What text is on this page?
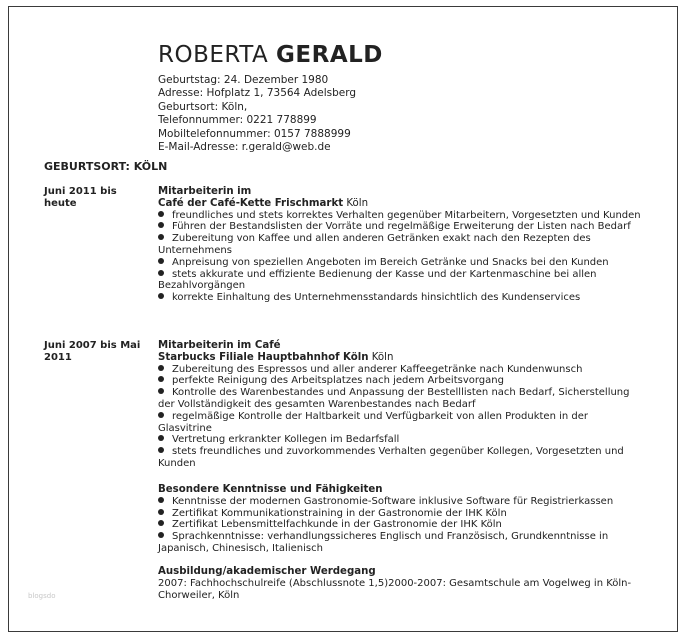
ROBERTA GERALD
Geburtstag: 24. Dezember 1980
Adresse: Hofplatz 1, 73564 Adelsberg
Geburtsort: Köln,
Telefonnummer: 0221 778899
Mobiltelefonnummer: 0157 7888999
E-Mail-Adresse: r.gerald@web.de
GEBURTSORT: KÖLN
Juni 2011 bis heute
Mitarbeiterin im
Café der Café-Kette Frischmarkt Köln
freundliches und stets korrektes Verhalten gegenüber Mitarbeitern, Vorgesetzten und Kunden
Führen der Bestandslisten der Vorräte und regelmäßige Erweiterung der Listen nach Bedarf
Zubereitung von Kaffee und allen anderen Getränken exakt nach den Rezepten des Unternehmens
Anpreisung von speziellen Angeboten im Bereich Getränke und Snacks bei den Kunden
stets akkurate und effiziente Bedienung der Kasse und der Kartenmaschine bei allen Bezahlvorgängen
korrekte Einhaltung des Unternehmensstandards hinsichtlich des Kundenservices
Juni 2007 bis Mai
2011
Mitarbeiterin im Café
Starbucks Filiale Hauptbahnhof Köln Köln
Zubereitung des Espressos und aller anderer Kaffeegetränke nach Kundenwunsch
perfekte Reinigung des Arbeitsplatzes nach jedem Arbeitsvorgang
Kontrolle des Warenbestandes und Anpassung der Bestelllisten nach Bedarf, Sicherstellung der Vollständigkeit des gesamten Warenbestandes nach Bedarf
regelmäßige Kontrolle der Haltbarkeit und Verfügbarkeit von allen Produkten in der Glasvitrine
Vertretung erkrankter Kollegen im Bedarfsfall
stets freundliches und zuvorkommendes Verhalten gegenüber Kollegen, Vorgesetzten und Kunden
Besondere Kenntnisse und Fähigkeiten
Kenntnisse der modernen Gastronomie-Software inklusive Software für Registrierkassen
Zertifikat Kommunikationstraining in der Gastronomie der IHK Köln
Zertifikat Lebensmittelfachkunde in der Gastronomie der IHK Köln
Sprachkenntnisse: verhandlungssicheres Englisch und Französisch, Grundkenntnisse in Japanisch, Chinesisch, Italienisch
Ausbildung/akademischer Werdegang
2007: Fachhochschulreife (Abschlussnote 1,5)2000-2007: Gesamtschule am Vogelweg in Köln-Chorweiler, Köln
blogsdo
